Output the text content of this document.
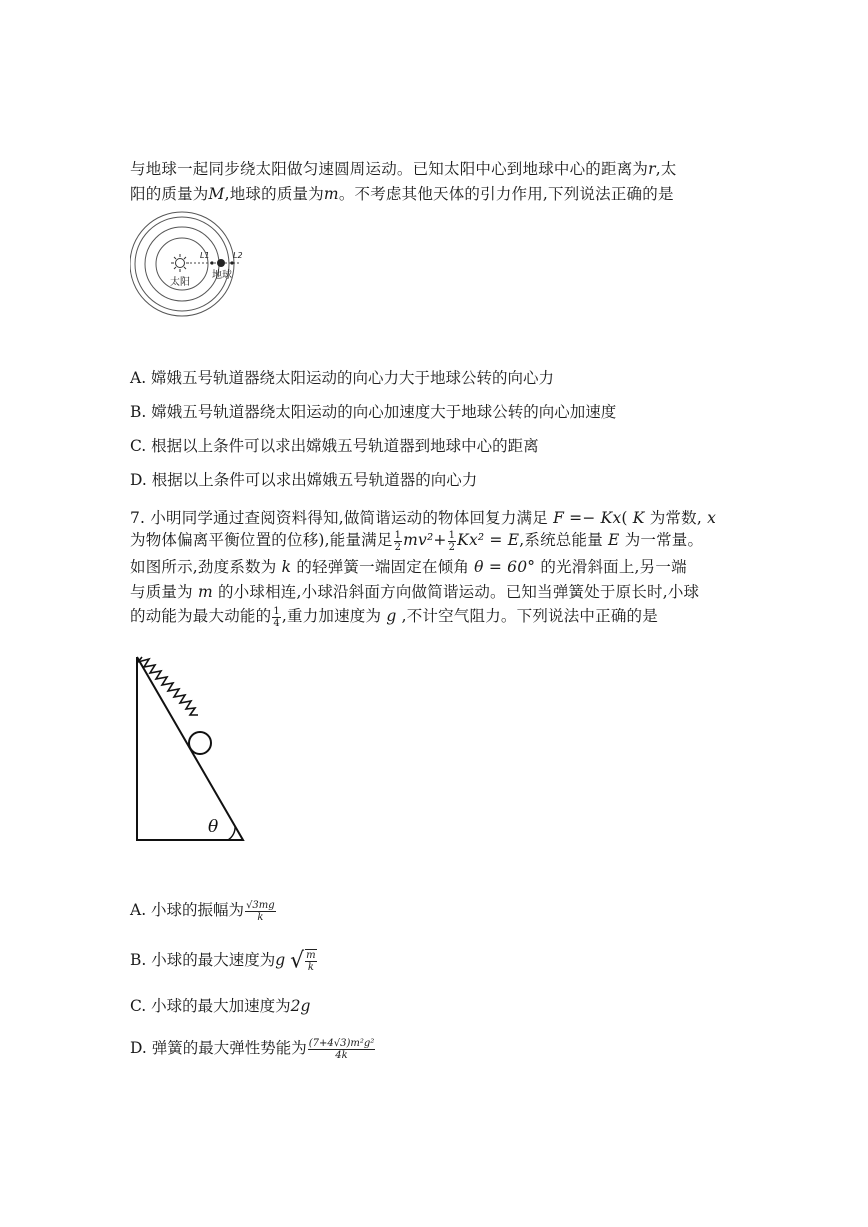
与地球一起同步绕太阳做匀速圆周运动。已知太阳中心到地球中心的距离为r,太
阳的质量为M,地球的质量为m。不考虑其他天体的引力作用,下列说法正确的是
太阳
地球
L1	L2
A. 嫦娥五号轨道器绕太阳运动的向心力大于地球公转的向心力
B. 嫦娥五号轨道器绕太阳运动的向心加速度大于地球公转的向心加速度
C. 根据以上条件可以求出嫦娥五号轨道器到地球中心的距离
D. 根据以上条件可以求出嫦娥五号轨道器的向心力
7. 小明同学通过查阅资料得知,做简谐运动的物体回复力满足 F =− Kx( K 为常数, x
为物体偏离平衡位置的位移),能量满足 $\frac{1}{2} mv^2+ \frac{1}{2} Kx^2 = E$,系统总能量 E 为一常量。
如图所示,劲度系数为 k 的轻弹簧一端固定在倾角 θ = 60° 的光滑斜面上,另一端
与质量为 m 的小球相连,小球沿斜面方向做简谐运动。已知当弹簧处于原长时,小球
的动能为最大动能的 $\frac{1}{4}$ ,重力加速度为 g ,不计空气阻力。下列说法中正确的是
θ
A. 小球的振幅为 $\frac{√3mg}{k}$
B. 小球的最大速度为g √ $\frac{m}{k}$
C. 小球的最大加速度为2g
D. 弹簧的最大弹性势能为 $\frac{\text{(7+4√3)m²g²}}{4k}$
